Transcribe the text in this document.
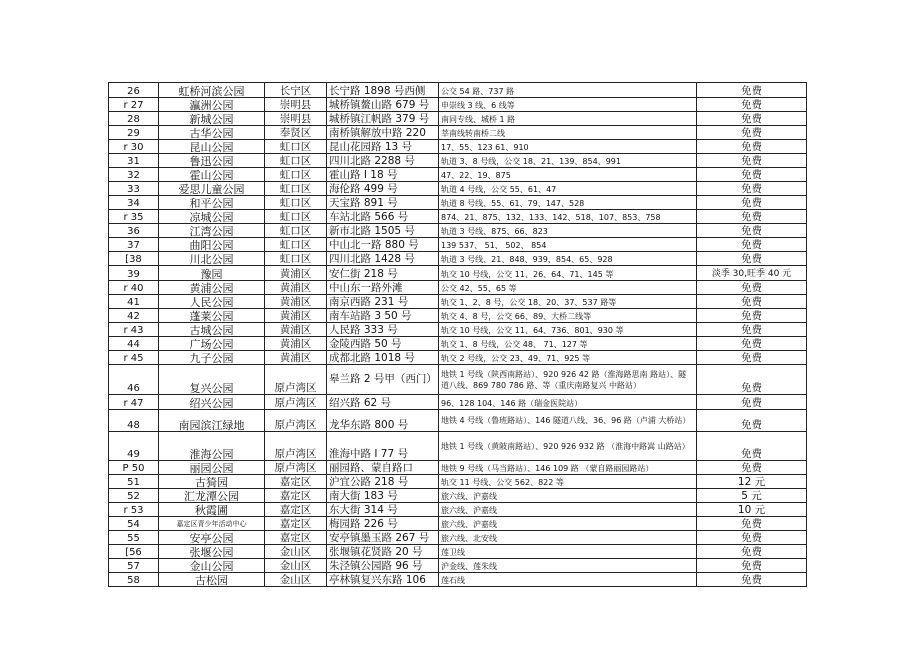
26	虹桥河滨公园	长宁区	长宁路 1898 号西侧	公交 54 路、737 路	免费
r 27	瀛洲公园	崇明县	城桥镇鳌山路 679 号	申崇线 3 线、6 线等	免费
28	新城公园	崇明县	城桥镇江帆路 379 号	南同专线、城桥 1 路	免费
29	古华公园	奉贤区	南桥镇解放中路 220	莘南线转南桥二线	免费
r 30	昆山公园	虹口区	昆山花园路 13 号	17、55、123 61、910	免费
31	鲁迅公园	虹口区	四川北路 2288 号	轨道 3、8 号线，公交 18、21、139、854、991	免费
32	霍山公园	虹口区	霍山路 I 18 号	47、22、19、875	免费
33	爱思儿童公园	虹口区	海伦路 499 号	轨道 4 号线，公交 55、61、47	免费
34	和平公园	虹口区	天宝路 891 号	轨道 8 号线、55、61、79、147、528	免费
r 35	凉城公园	虹口区	车站北路 566 号	874、21、875、132、133、142、518、107、853、758	免费
36	江湾公园	虹口区	新市北路 1505 号	轨道 3 号线、875、66、823	免费
37	曲阳公园	虹口区	中山北一路 880 号	139 537、 51、 502、 854	免费
[38	川北公园	虹口区	四川北路 1428 号	轨道 3 号线、21、848、939、854、65、928	免费
39	豫园	黄浦区	安仁街 218 号	轨交 10 号线，公交 11、26、64、71、145 等	淡季 30,旺季 40 元
r 40	黄浦公园	黄浦区	中山东一路外滩	公交 42、55、65 等	免费
41	人民公园	黄浦区	南京西路 231 号	轨交 1、2、8 号，公交 18、20、37、537 路等	免费
42	蓬莱公园	黄浦区	南车站路 3 50 号	轨交 4、8 号，公交 66、89、大桥二线等	免费
r 43	古城公园	黄浦区	人民路 333 号	轨交 10 号线，公交 11、64、736、801、930 等	免费
44	广场公园	黄浦区	金陵西路 50 号	轨交 1、8 号线，公交 48、 71、127 等	免费
r 45	九子公园	黄浦区	成都北路 1018 号	轨交 2 号线，公交 23、49、71、925 等	免费
46	复兴公园	原卢湾区	皋兰路 2 号甲（西门）	地铁 1 号线（陕西南路站）、920 926 42 路（淮海路思南 路站）、隧道八线、869 780 786 路、等（重庆南路复兴 中路站）	免费
r 47	绍兴公园	原卢湾区	绍兴路 62 号	96、128 104、146 路（瑞金医院站）	免费
48	南园滨江绿地	原卢湾区	龙华东路 800 号	地铁 4 号线（鲁班路站）、146 隧道八线、36、96 路（卢浦 大桥站）	免费
49	淮海公园	原卢湾区	淮海中路 I 77 号	地铁 1 号线（黄陂南路站）、920 926 932 路 （淮海中路嵩 山路站）	免费
P 50	丽园公园	原卢湾区	丽园路、蒙自路口	地铁 9 号线（马当路站）、146 109 路 （蒙自路丽园路站）	免费
51	古猗园	嘉定区	沪宜公路 218 号	轨交 11 号线、公交 562、822 等	12 元
52	汇龙潭公园	嘉定区	南大街 183 号	旅六线、沪嘉线	5 元
r 53	秋霞圃	嘉定区	东大街 314 号	旅六线、沪嘉线	10 元
54	嘉定区青少年活动中心	嘉定区	梅园路 226 号	旅六线、沪嘉线	免费
55	安亭公园	嘉定区	安亭镇墨玉路 267 号	旅六线、北安线	免费
[56	张堰公园	金山区	张堰镇花贤路 20 号	莲卫线	免费
57	金山公园	金山区	朱泾镇公园路 96 号	沪金线、莲朱线	免费
58	古松园	金山区	亭林镇复兴东路 106	莲石线	免费
